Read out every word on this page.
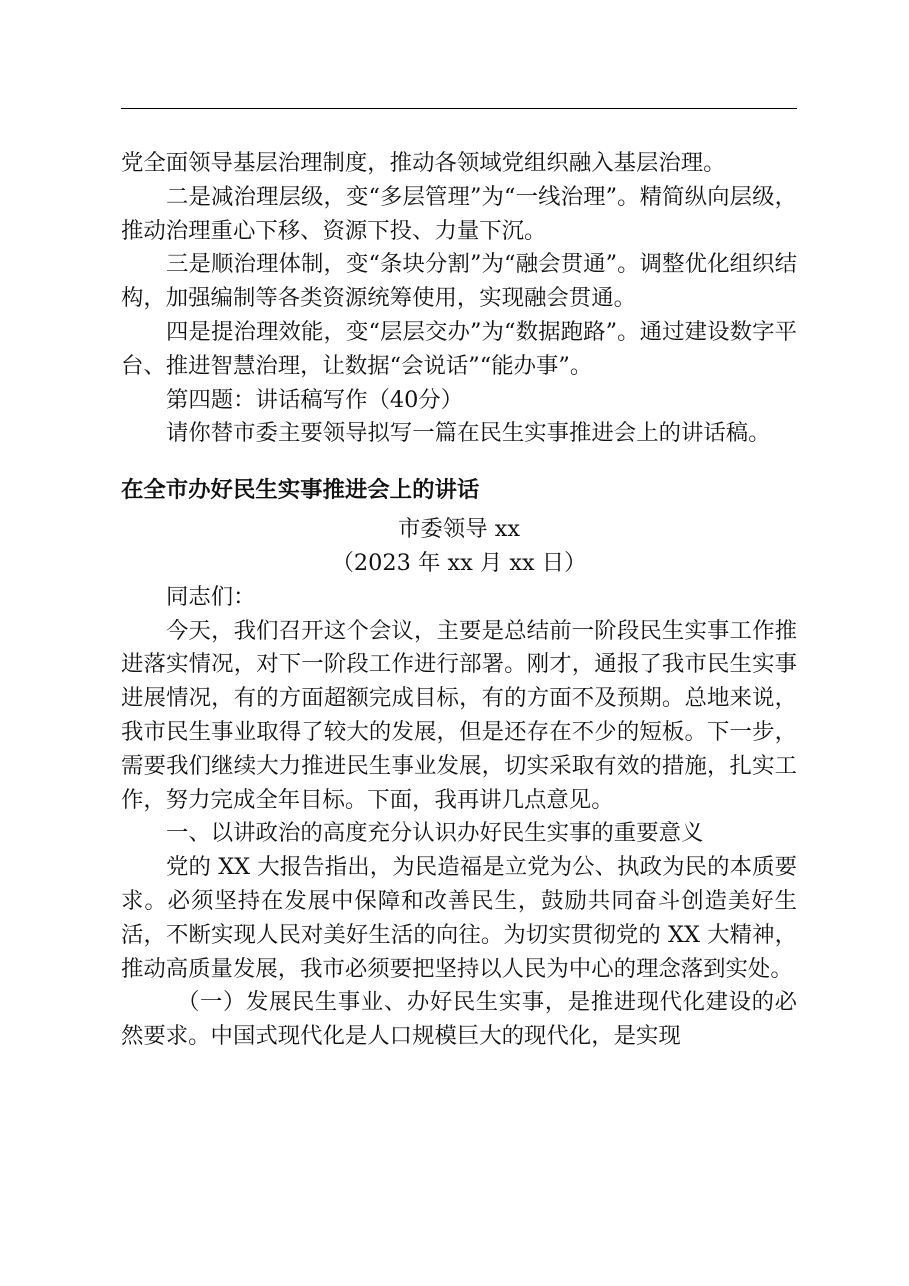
党全面领导基层治理制度，推动各领域党组织融入基层治理。

二是减治理层级，变“多层管理”为“一线治理”。精简纵向层级，推动治理重心下移、资源下投、力量下沉。

三是顺治理体制，变“条块分割”为“融会贯通”。调整优化组织结构，加强编制等各类资源统筹使用，实现融会贯通。

四是提治理效能，变“层层交办”为“数据跑路”。通过建设数字平台、推进智慧治理，让数据“会说话”“能办事”。

第四题：讲话稿写作（40分）

请你替市委主要领导拟写一篇在民生实事推进会上的讲话稿。

在全市办好民生实事推进会上的讲话

市委领导 xx

（2023 年 xx 月 xx 日）

同志们：

今天，我们召开这个会议，主要是总结前一阶段民生实事工作推进落实情况，对下一阶段工作进行部署。刚才，通报了我市民生实事进展情况，有的方面超额完成目标，有的方面不及预期。总地来说，我市民生事业取得了较大的发展，但是还存在不少的短板。下一步，需要我们继续大力推进民生事业发展，切实采取有效的措施，扎实工作，努力完成全年目标。下面，我再讲几点意见。

一、以讲政治的高度充分认识办好民生实事的重要意义

党的 XX 大报告指出，为民造福是立党为公、执政为民的本质要求。必须坚持在发展中保障和改善民生，鼓励共同奋斗创造美好生活，不断实现人民对美好生活的向往。为切实贯彻党的 XX 大精神，推动高质量发展，我市必须要把坚持以人民为中心的理念落到实处。

（一）发展民生事业、办好民生实事，是推进现代化建设的必然要求。中国式现代化是人口规模巨大的现代化，是实现
